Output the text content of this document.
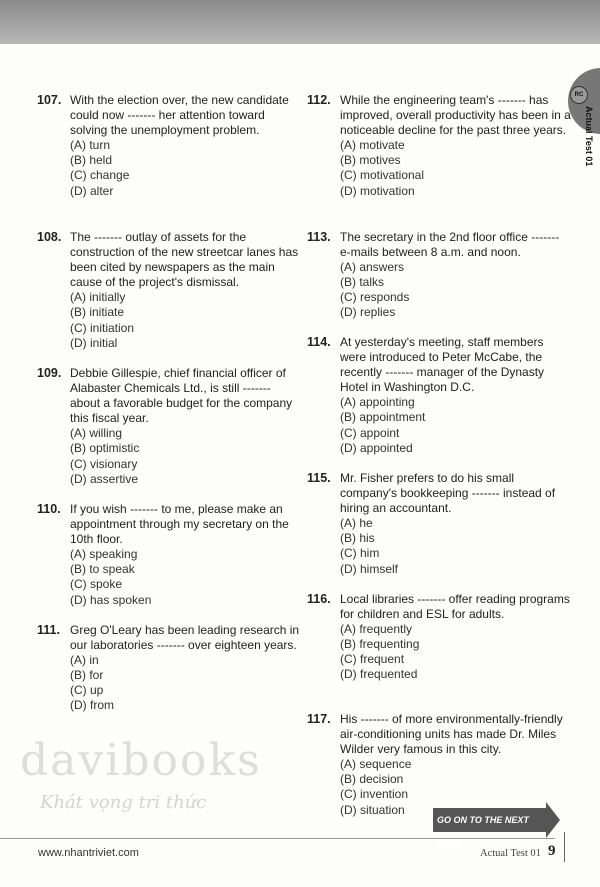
RC
Actual Test 01
107. With the election over, the new candidate could now ------- her attention toward solving the unemployment problem.

(A) turn
(B) held
(C) change
(D) alter
108. The ------- outlay of assets for the construction of the new streetcar lanes has been cited by newspapers as the main cause of the project's dismissal.

(A) initially
(B) initiate
(C) initiation
(D) initial
109. Debbie Gillespie, chief financial officer of Alabaster Chemicals Ltd., is still ------- about a favorable budget for the company this fiscal year.

(A) willing
(B) optimistic
(C) visionary
(D) assertive
110. If you wish ------- to me, please make an appointment through my secretary on the 10th floor.

(A) speaking
(B) to speak
(C) spoke
(D) has spoken
111. Greg O'Leary has been leading research in our laboratories ------- over eighteen years.

(A) in
(B) for
(C) up
(D) from
112. While the engineering team's ------- has improved, overall productivity has been in a noticeable decline for the past three years.

(A) motivate
(B) motives
(C) motivational
(D) motivation
113. The secretary in the 2nd floor office ------- e-mails between 8 a.m. and noon.

(A) answers
(B) talks
(C) responds
(D) replies
114. At yesterday's meeting, staff members were introduced to Peter McCabe, the recently ------- manager of the Dynasty Hotel in Washington D.C.

(A) appointing
(B) appointment
(C) appoint
(D) appointed
115. Mr. Fisher prefers to do his small company's bookkeeping ------- instead of hiring an accountant.

(A) he
(B) his
(C) him
(D) himself
116. Local libraries ------- offer reading programs for children and ESL for adults.

(A) frequently
(B) frequenting
(C) frequent
(D) frequented
117. His ------- of more environmentally-friendly air-conditioning units has made Dr. Miles Wilder very famous in this city.

(A) sequence
(B) decision
(C) invention
(D) situation
davibooks
Khát vọng tri thức
GO ON TO THE NEXT PAGE
www.nhantriviet.com	Actual Test 01 9
